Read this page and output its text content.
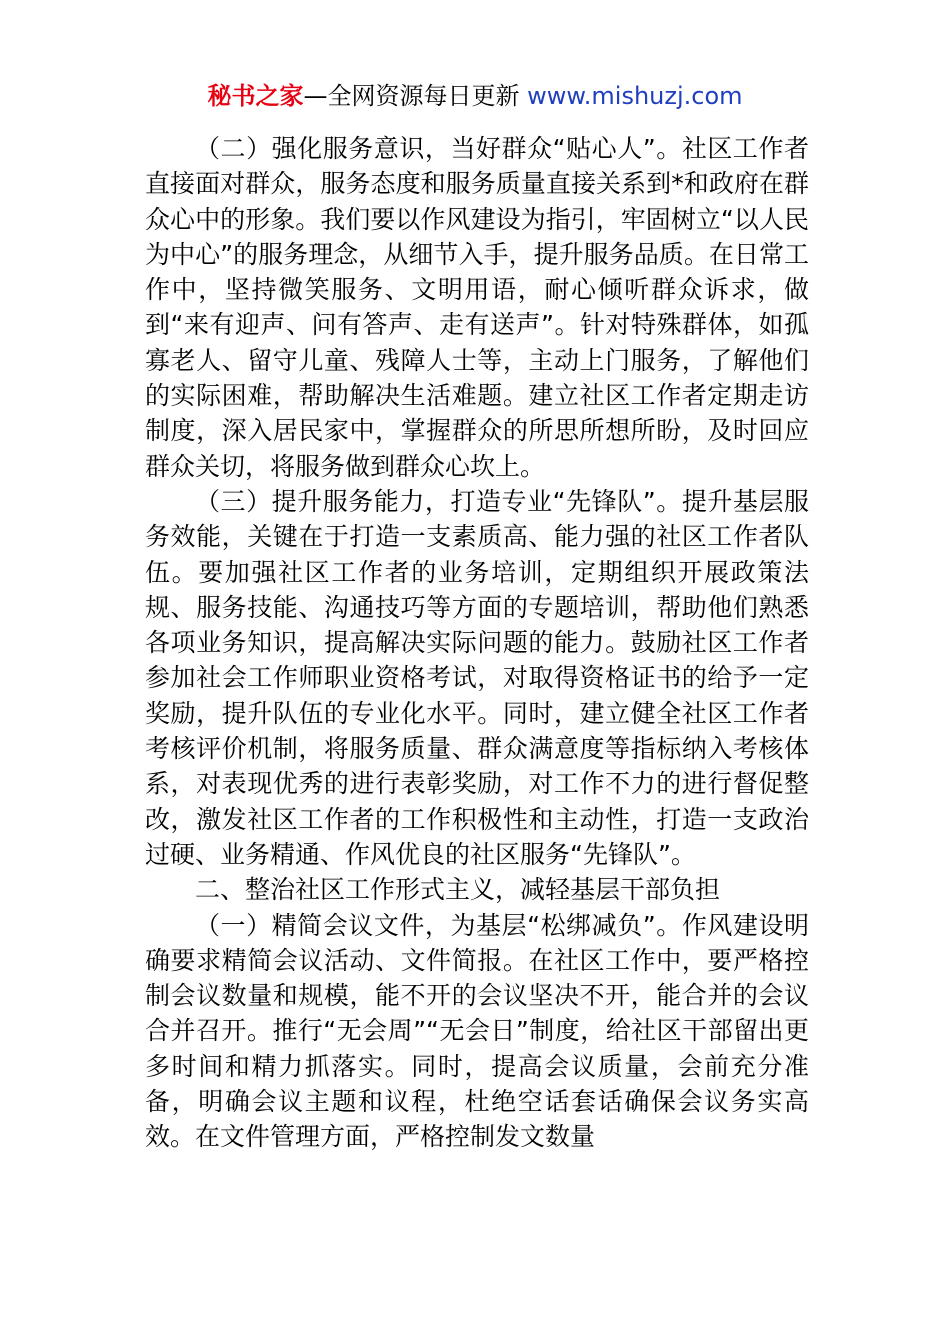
秘书之家—全网资源每日更新 www.mishuzj.com

（二）强化服务意识，当好群众“贴心人”。社区工作者直接面对群众，服务态度和服务质量直接关系到*和政府在群众心中的形象。我们要以作风建设为指引，牢固树立“以人民为中心”的服务理念，从细节入手，提升服务品质。在日常工作中，坚持微笑服务、文明用语，耐心倾听群众诉求，做到“来有迎声、问有答声、走有送声”。针对特殊群体，如孤寡老人、留守儿童、残障人士等，主动上门服务，了解他们的实际困难，帮助解决生活难题。建立社区工作者定期走访制度，深入居民家中，掌握群众的所思所想所盼，及时回应群众关切，将服务做到群众心坎上。

（三）提升服务能力，打造专业“先锋队”。提升基层服务效能，关键在于打造一支素质高、能力强的社区工作者队伍。要加强社区工作者的业务培训，定期组织开展政策法规、服务技能、沟通技巧等方面的专题培训，帮助他们熟悉各项业务知识，提高解决实际问题的能力。鼓励社区工作者参加社会工作师职业资格考试，对取得资格证书的给予一定奖励，提升队伍的专业化水平。同时，建立健全社区工作者考核评价机制，将服务质量、群众满意度等指标纳入考核体系，对表现优秀的进行表彰奖励，对工作不力的进行督促整改，激发社区工作者的工作积极性和主动性，打造一支政治过硬、业务精通、作风优良的社区服务“先锋队”。

二、整治社区工作形式主义，减轻基层干部负担

（一）精简会议文件，为基层“松绑减负”。作风建设明确要求精简会议活动、文件简报。在社区工作中，要严格控制会议数量和规模，能不开的会议坚决不开，能合并的会议合并召开。推行“无会周”“无会日”制度，给社区干部留出更多时间和精力抓落实。同时，提高会议质量，会前充分准备，明确会议主题和议程，杜绝空话套话确保会议务实高效。在文件管理方面，严格控制发文数量
